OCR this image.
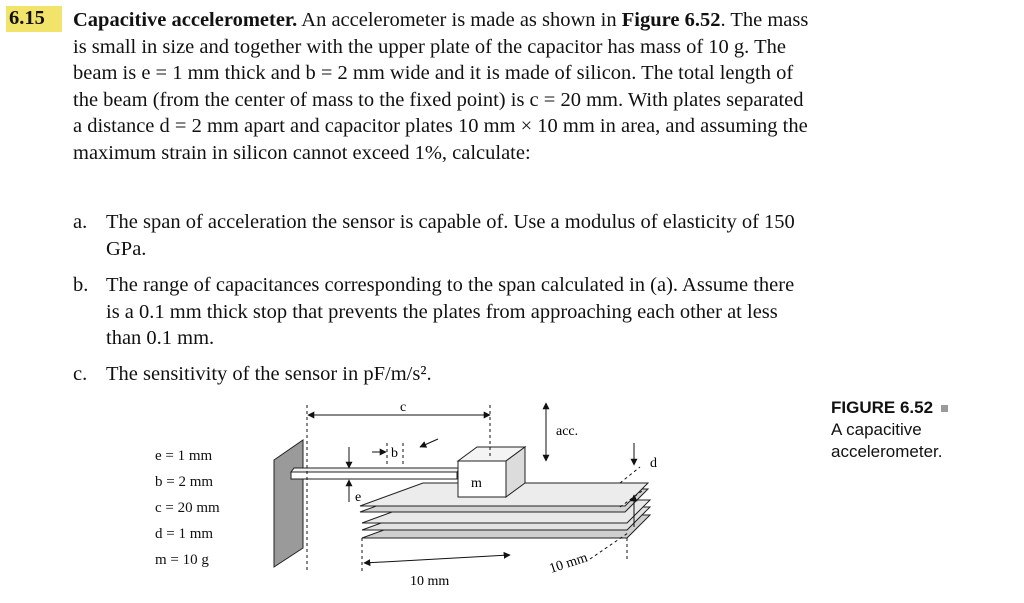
6.15 Capacitive accelerometer. An accelerometer is made as shown in Figure 6.52. The mass is small in size and together with the upper plate of the capacitor has mass of 10 g. The beam is e = 1 mm thick and b = 2 mm wide and it is made of silicon. The total length of the beam (from the center of mass to the fixed point) is c = 20 mm. With plates separated a distance d = 2 mm apart and capacitor plates 10 mm × 10 mm in area, and assuming the maximum strain in silicon cannot exceed 1%, calculate:
a. The span of acceleration the sensor is capable of. Use a modulus of elasticity of 150 GPa.
b. The range of capacitances corresponding to the span calculated in (a). Assume there is a 0.1 mm thick stop that prevents the plates from approaching each other at less than 0.1 mm.
c. The sensitivity of the sensor in pF/m/s².
e = 1 mm
b = 2 mm
c = 20 mm
d = 1 mm
m = 10 g
c
b
e
m
acc.
d
10 mm
10 mm
FIGURE 6.52
A capacitive
accelerometer.
